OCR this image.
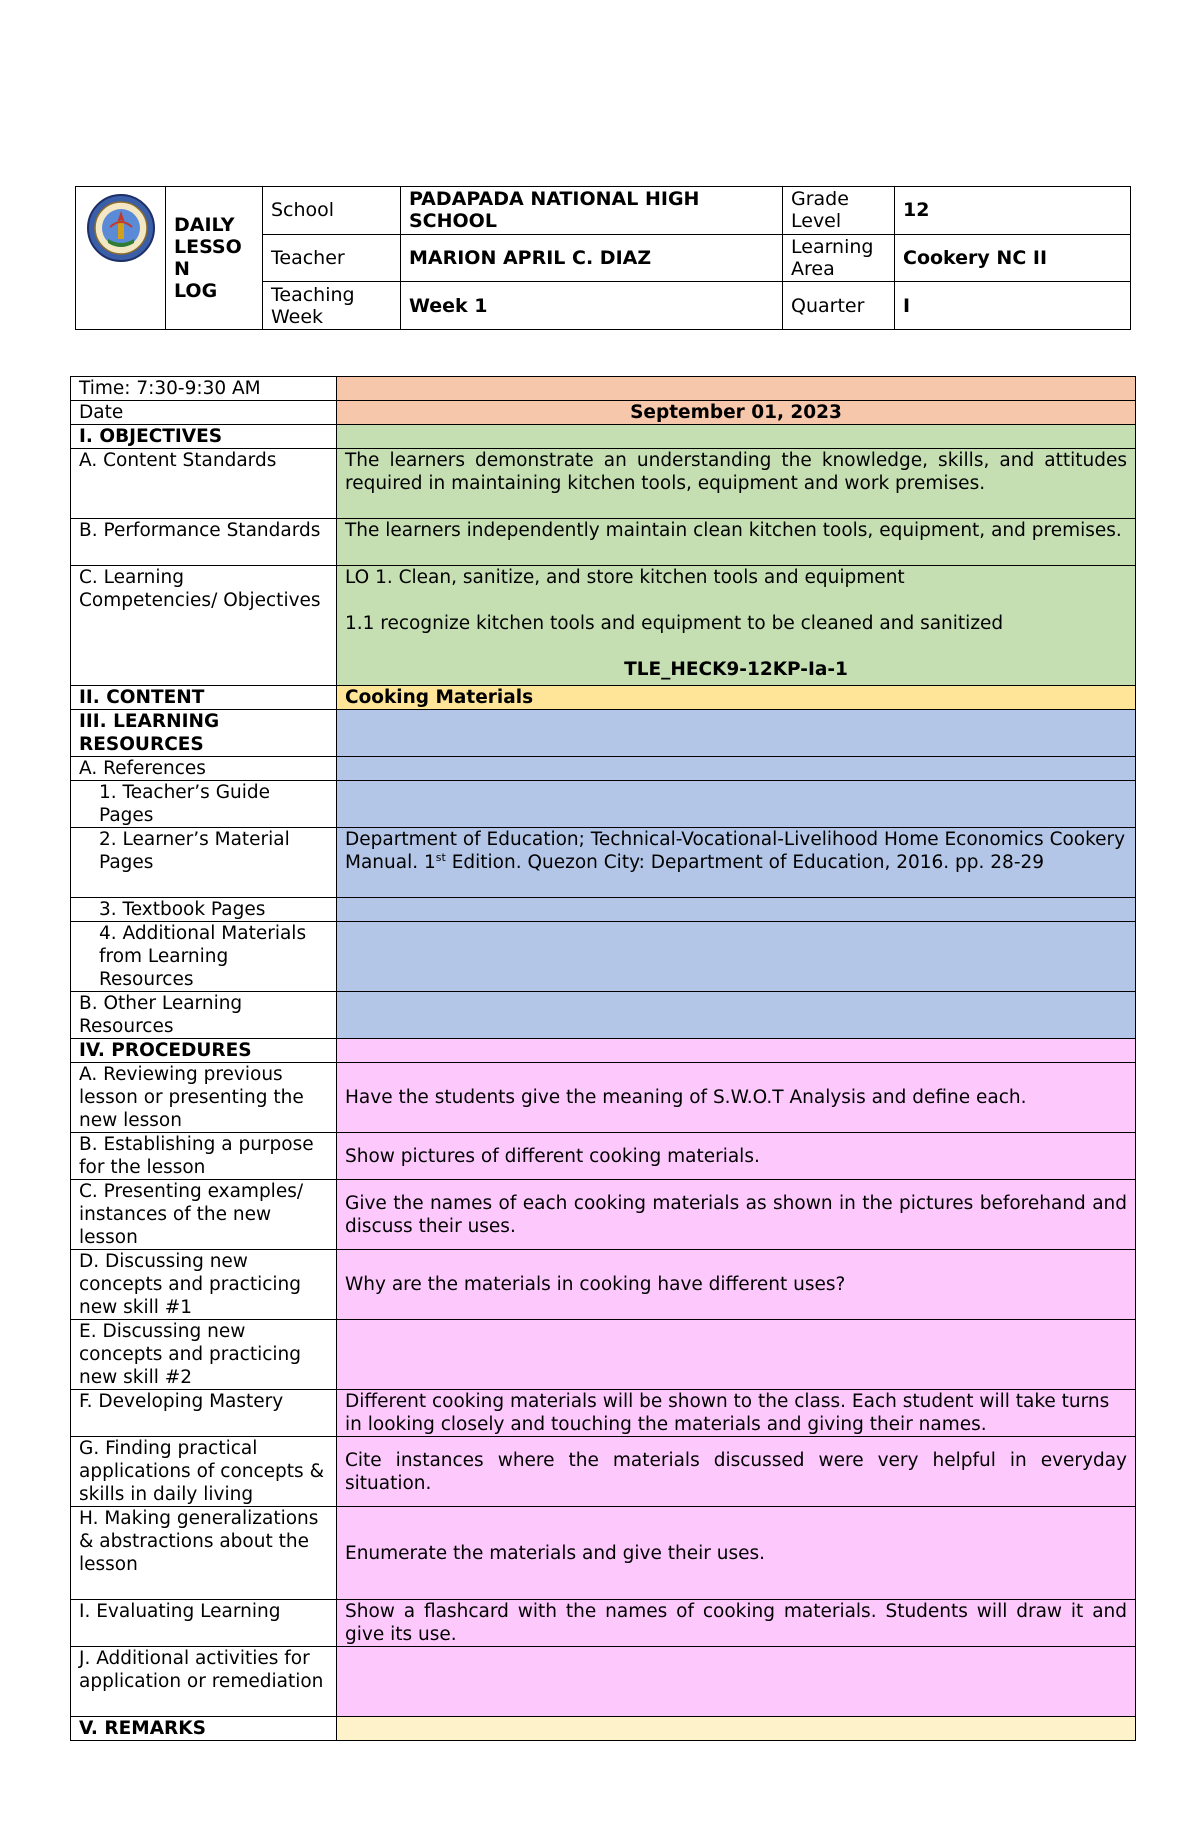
DAILY
LESSO
N
LOG	School	PADAPADA NATIONAL HIGH SCHOOL	Grade Level	12
		Teacher	MARION APRIL C. DIAZ	Learning Area	Cookery NC II
		Teaching Week	Week 1	Quarter	I
Time: 7:30-9:30 AM	
Date	September 01, 2023
I. OBJECTIVES	
A. Content Standards	The learners demonstrate an understanding the knowledge, skills, and attitudes required in maintaining kitchen tools, equipment and work premises.
B. Performance Standards	The learners independently maintain clean kitchen tools, equipment, and premises.
C. Learning Competencies/ Objectives	LO 1. Clean, sanitize, and store kitchen tools and equipment
1.1 recognize kitchen tools and equipment to be cleaned and sanitized
TLE_HECK9-12KP-Ia-1

II. CONTENT	Cooking Materials
III. LEARNING RESOURCES	
A. References	
1. Teacher’s Guide Pages	
2. Learner’s Material Pages	Department of Education; Technical-Vocational-Livelihood Home Economics Cookery Manual. 1st Edition. Quezon City: Department of Education, 2016. pp. 28-29
3. Textbook Pages	
4. Additional Materials from Learning Resources	
B. Other Learning Resources	
IV. PROCEDURES	
A. Reviewing previous lesson or presenting the new lesson	Have the students give the meaning of S.W.O.T Analysis and define each.
B. Establishing a purpose for the lesson	Show pictures of different cooking materials.
C. Presenting examples/ instances of the new lesson	Give the names of each cooking materials as shown in the pictures beforehand and discuss their uses.
D. Discussing new concepts and practicing new skill #1	Why are the materials in cooking have different uses?
E. Discussing new concepts and practicing new skill #2	
F. Developing Mastery	Different cooking materials will be shown to the class. Each student will take turns in looking closely and touching the materials and giving their names.
G. Finding practical applications of concepts & skills in daily living	Cite instances where the materials discussed were very helpful in everyday situation.
H. Making generalizations & abstractions about the lesson	Enumerate the materials and give their uses.
I. Evaluating Learning	Show a flashcard with the names of cooking materials. Students will draw it and give its use.
J. Additional activities for application or remediation	
V. REMARKS	
